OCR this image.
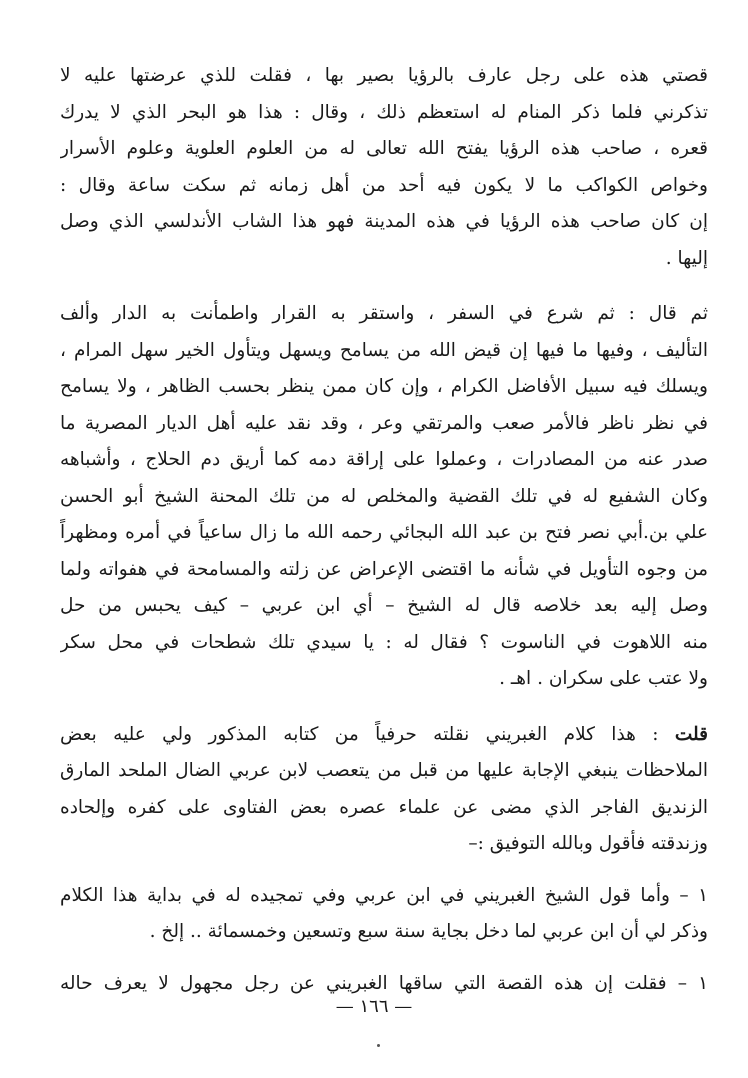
قصتي هذه على رجل عارف بالرؤيا بصير بها ، فقلت للذي عرضتها عليه لا
تذكرني فلما ذكر المنام له استعظم ذلك ، وقال : هذا هو البحر الذي لا يدرك
قعره ، صاحب هذه الرؤيا يفتح الله تعالى له من العلوم العلوية وعلوم الأسرار
وخواص الكواكب ما لا يكون فيه أحد من أهل زمانه ثم سكت ساعة وقال :
إن كان صاحب هذه الرؤيا في هذه المدينة فهو هذا الشاب الأندلسي الذي وصل
إليها .
ثم قال : ثم شرع في السفر ، واستقر به القرار واطمأنت به الدار وألف
التأليف ، وفيها ما فيها إن قيض الله من يسامح ويسهل ويتأول الخير سهل المرام ،
ويسلك فيه سبيل الأفاضل الكرام ، وإن كان ممن ينظر بحسب الظاهر ، ولا يسامح
في نظر ناظر فالأمر صعب والمرتقي وعر ، وقد نقد عليه أهل الديار المصرية ما
صدر عنه من المصادرات ، وعملوا على إراقة دمه كما أريق دم الحلاج ، وأشباهه
وكان الشفيع له في تلك القضية والمخلص له من تلك المحنة الشيخ أبو الحسن
علي بن.أبي نصر فتح بن عبد الله البجائي رحمه الله ما زال ساعياً في أمره ومظهراً
من وجوه التأويل في شأنه ما اقتضى الإعراض عن زلته والمسامحة في هفواته ولما
وصل إليه بعد خلاصه قال له الشيخ – أي ابن عربي – كيف يحبس من حل
منه اللاهوت في الناسوت ؟ فقال له : يا سيدي تلك شطحات في محل سكر
ولا عتب على سكران . اهـ .
قلت : هذا كلام الغبريني نقلته حرفياً من كتابه المذكور ولي عليه بعض
الملاحظات ينبغي الإجابة عليها من قبل من يتعصب لابن عربي الضال الملحد المارق
الزنديق الفاجر الذي مضى عن علماء عصره بعض الفتاوى على كفره وإلحاده
وزندقته فأقول وبالله التوفيق :–
١ – وأما قول الشيخ الغبريني في ابن عربي وفي تمجيده له في بداية هذا الكلام
وذكر لي أن ابن عربي لما دخل بجاية سنة سبع وتسعين وخمسمائة .. إلخ .
١ – فقلت إن هذه القصة التي ساقها الغبريني عن رجل مجهول لا يعرف حاله
— ١٦٦ —
